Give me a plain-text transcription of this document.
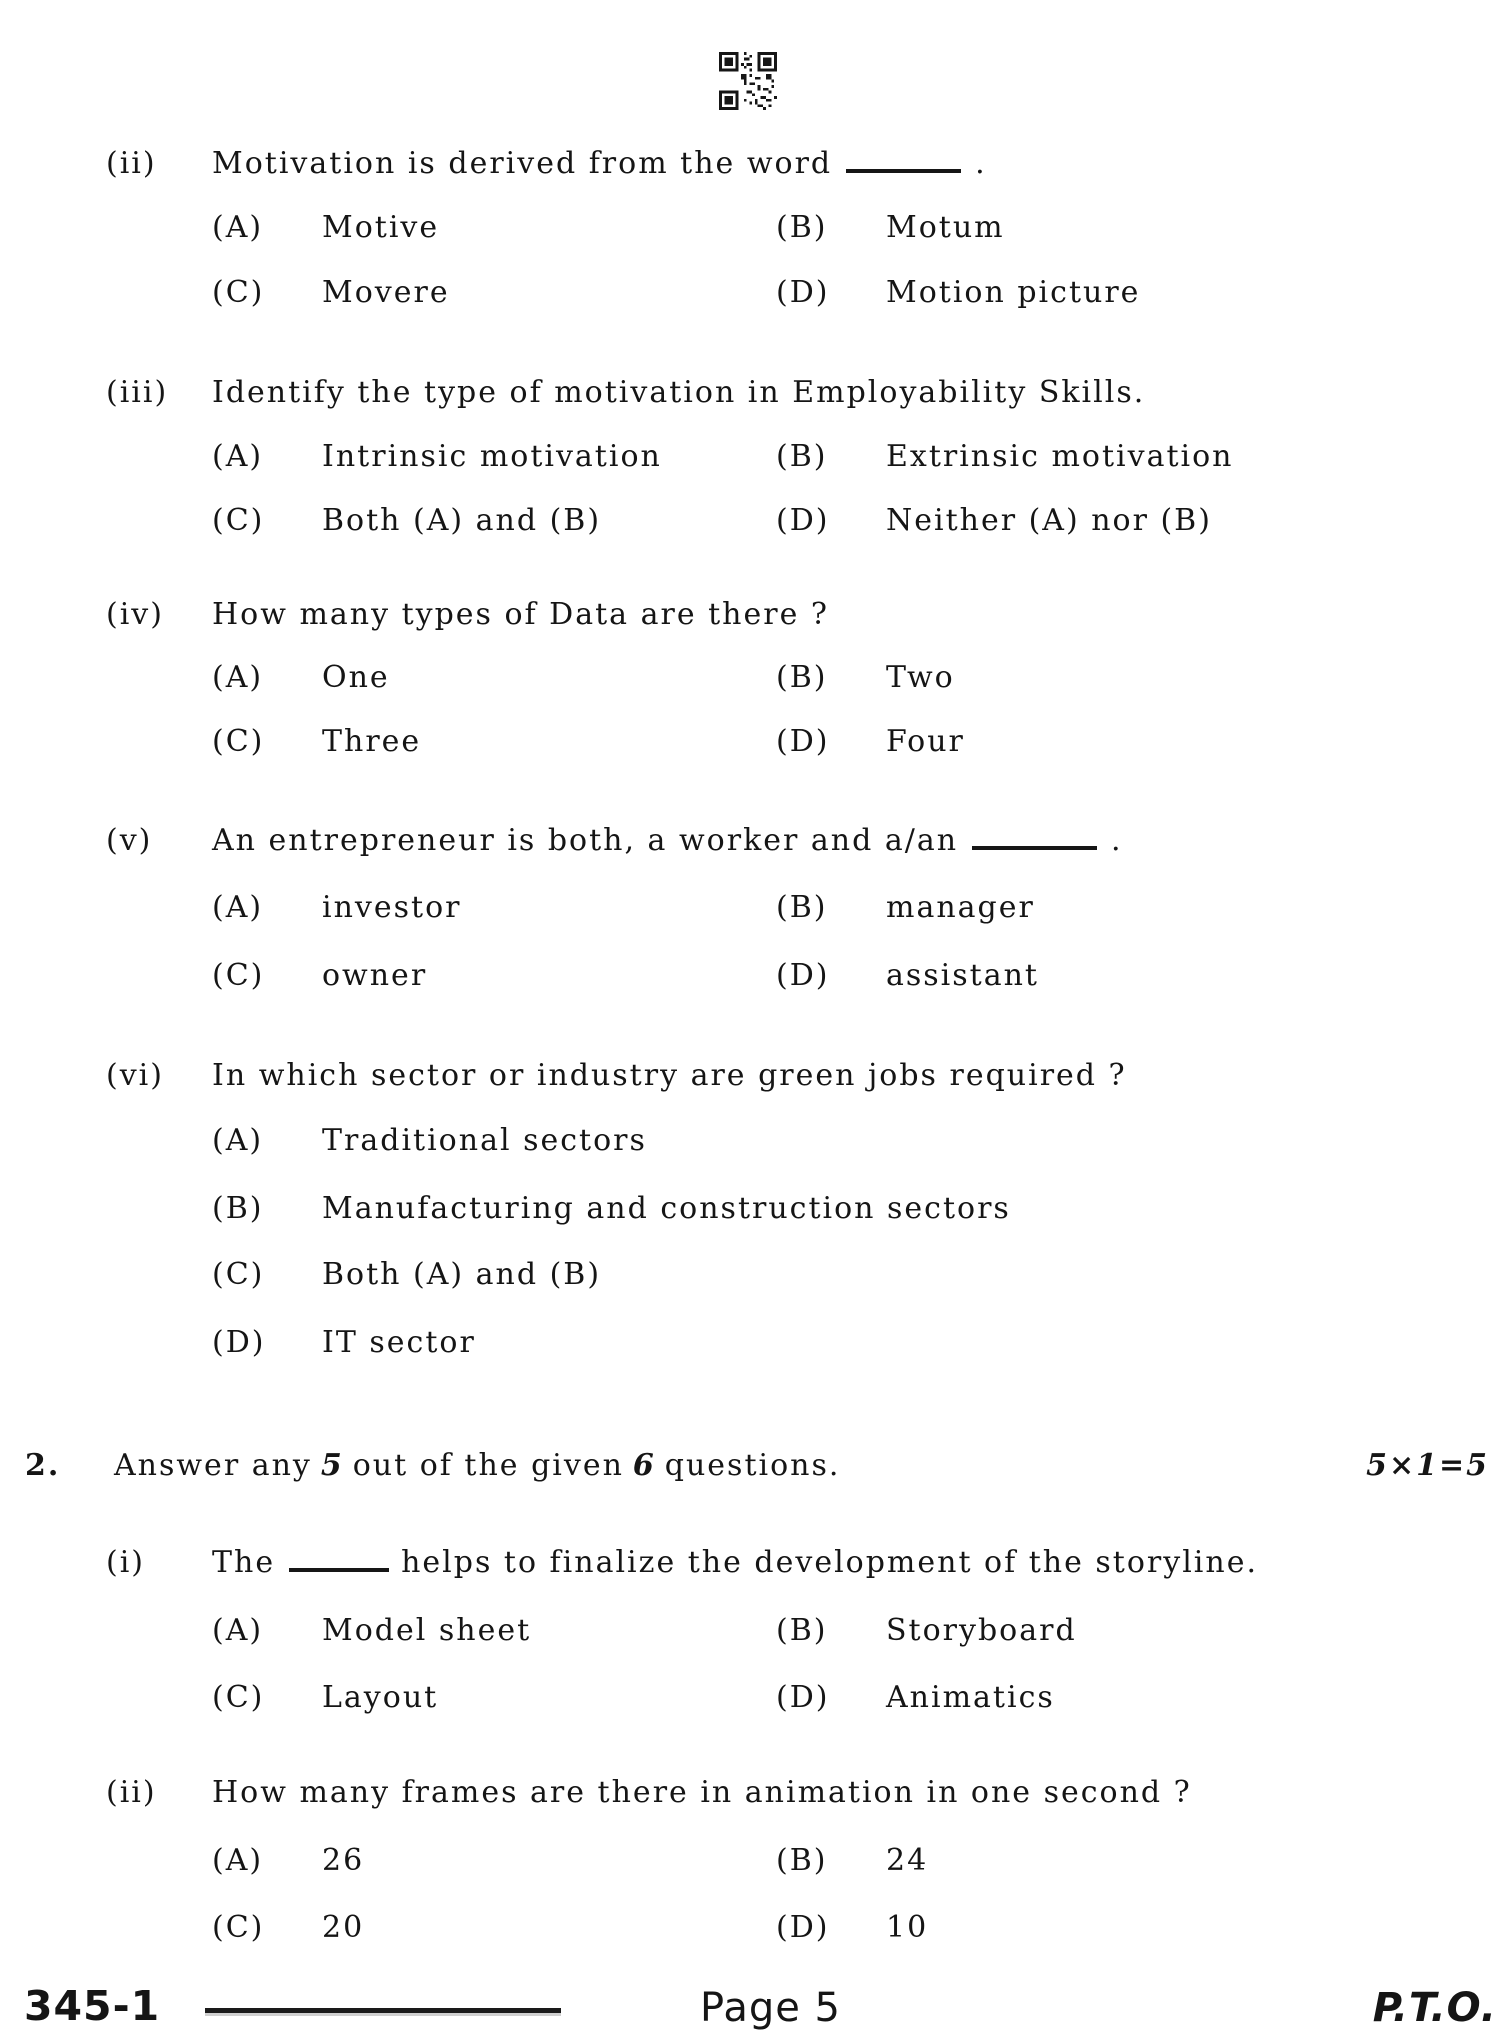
(ii) Motivation is derived from the word	.
(A) Motive	(B) Motum
(C) Movere	(D) Motion picture
(iii) Identify the type of motivation in Employability Skills.
(A) Intrinsic motivation	(B) Extrinsic motivation
(C) Both (A) and (B)	(D) Neither (A) nor (B)
(iv) How many types of Data are there ?
(A) One	(B) Two
(C) Three	(D) Four
(v) An entrepreneur is both, a worker and a/an	.
(A) investor	(B) manager
(C) owner	(D) assistant
(vi) In which sector or industry are green jobs required ?
(A) Traditional sectors
(B) Manufacturing and construction sectors
(C) Both (A) and (B)
(D) IT sector
2. Answer any 5 out of the given 6 questions.	5×1=5
(i) The	helps to finalize the development of the storyline.
(A) Model sheet	(B) Storyboard
(C) Layout	(D) Animatics
(ii) How many frames are there in animation in one second ?
(A) 26	(B) 24
(C) 20	(D) 10
345-1	Page 5	P.T.O.
